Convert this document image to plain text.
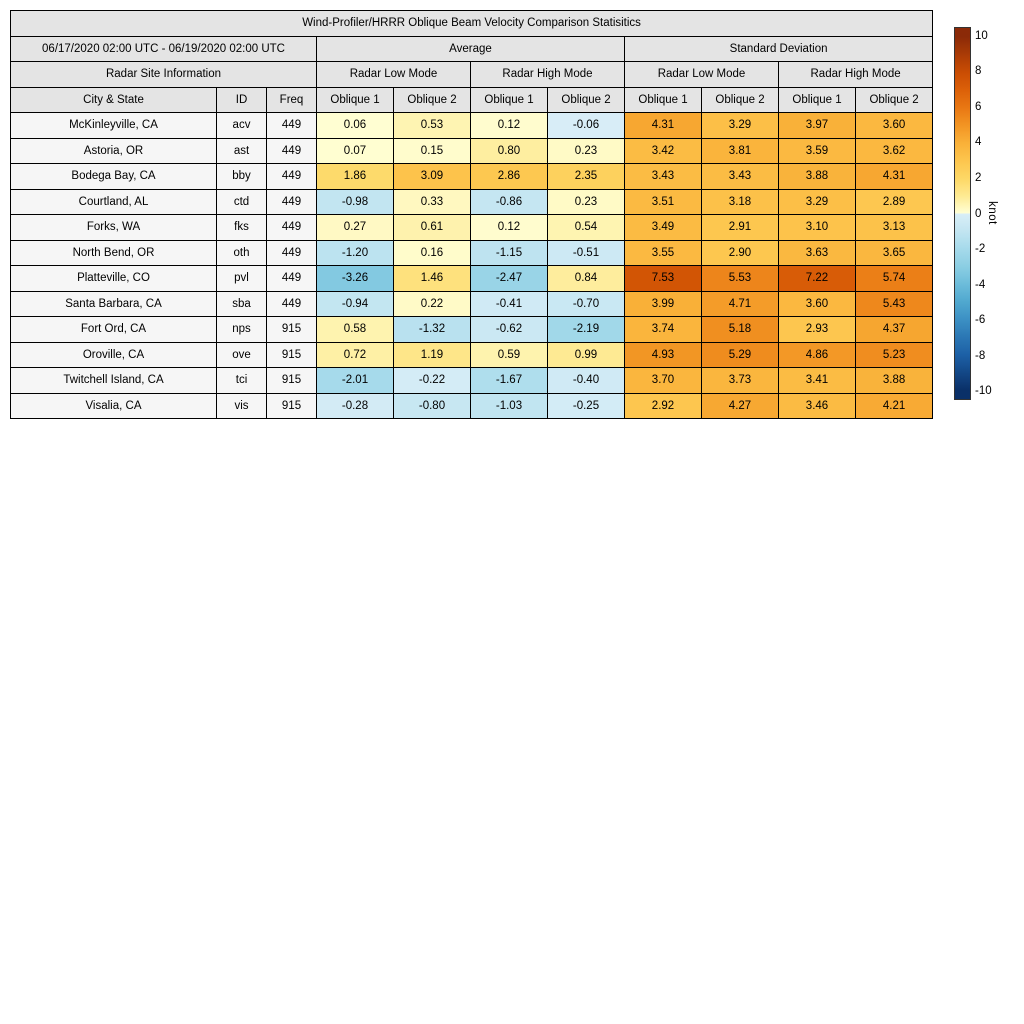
Wind-Profiler/HRRR Oblique Beam Velocity Comparison Statisitics										
06/17/2020 02:00 UTC - 06/19/2020 02:00 UTC			Average				Standard Deviation			
Radar Site Information			Radar Low Mode		Radar High Mode		Radar Low Mode		Radar High Mode	
City & State	ID	Freq	Oblique 1	Oblique 2	Oblique 1	Oblique 2	Oblique 1	Oblique 2	Oblique 1	Oblique 2
McKinleyville, CA	acv	449	0.06	0.53	0.12	-0.06	4.31	3.29	3.97	3.60
Astoria, OR	ast	449	0.07	0.15	0.80	0.23	3.42	3.81	3.59	3.62
Bodega Bay, CA	bby	449	1.86	3.09	2.86	2.35	3.43	3.43	3.88	4.31
Courtland, AL	ctd	449	-0.98	0.33	-0.86	0.23	3.51	3.18	3.29	2.89
Forks, WA	fks	449	0.27	0.61	0.12	0.54	3.49	2.91	3.10	3.13
North Bend, OR	oth	449	-1.20	0.16	-1.15	-0.51	3.55	2.90	3.63	3.65
Platteville, CO	pvl	449	-3.26	1.46	-2.47	0.84	7.53	5.53	7.22	5.74
Santa Barbara, CA	sba	449	-0.94	0.22	-0.41	-0.70	3.99	4.71	3.60	5.43
Fort Ord, CA	nps	915	0.58	-1.32	-0.62	-2.19	3.74	5.18	2.93	4.37
Oroville, CA	ove	915	0.72	1.19	0.59	0.99	4.93	5.29	4.86	5.23
Twitchell Island, CA	tci	915	-2.01	-0.22	-1.67	-0.40	3.70	3.73	3.41	3.88
Visalia, CA	vis	915	-0.28	-0.80	-1.03	-0.25	2.92	4.27	3.46	4.21
10
8
6
4
2
0
-2
-4
-6
-8
-10
knot
